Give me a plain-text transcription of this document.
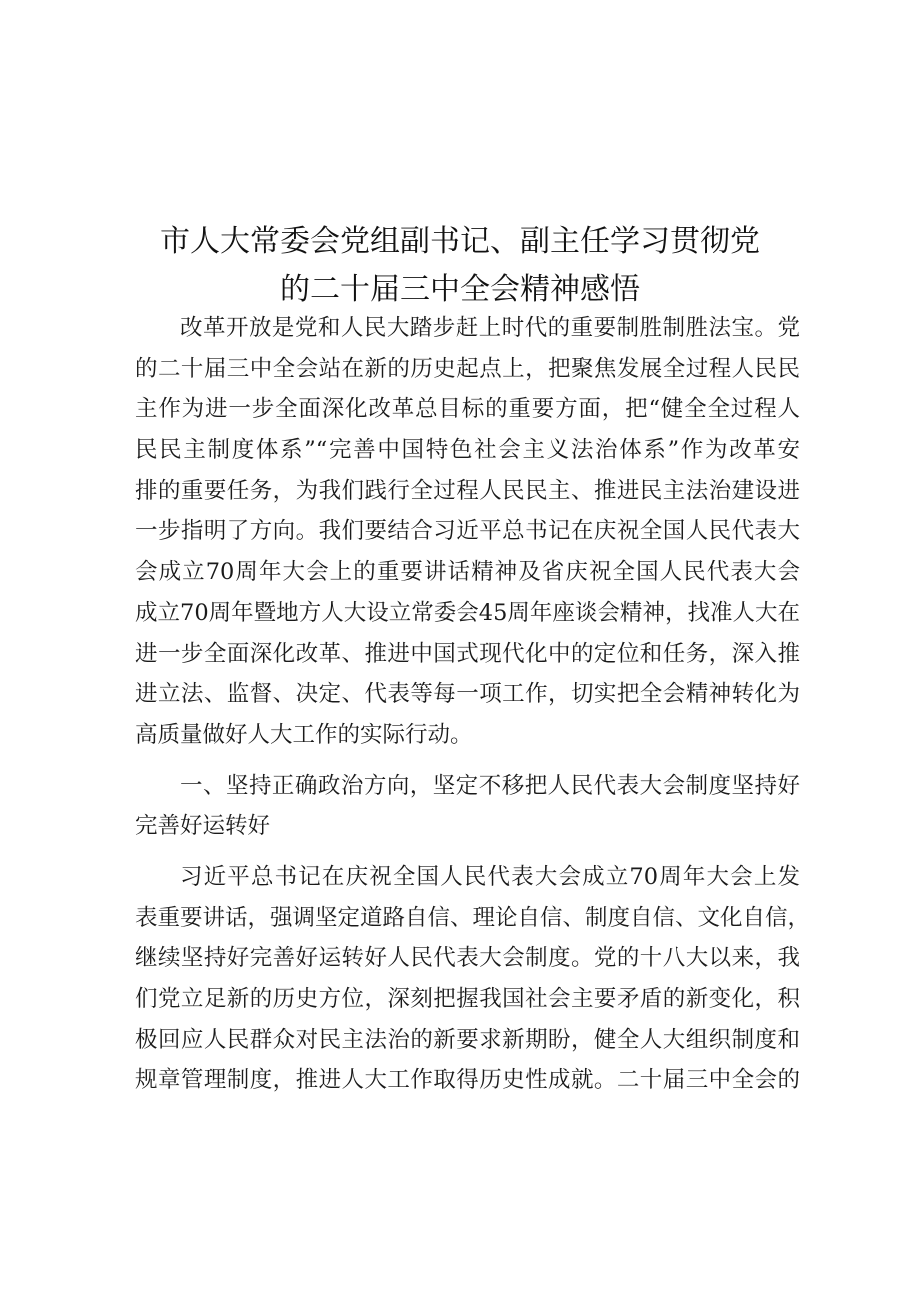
市人大常委会党组副书记、副主任学习贯彻党
的二十届三中全会精神感悟
改革开放是党和人民大踏步赶上时代的重要制胜制胜法宝。党
的二十届三中全会站在新的历史起点上，把聚焦发展全过程人民民
主作为进一步全面深化改革总目标的重要方面，把“健全全过程人
民民主制度体系”“完善中国特色社会主义法治体系”作为改革安
排的重要任务，为我们践行全过程人民民主、推进民主法治建设进
一步指明了方向。我们要结合习近平总书记在庆祝全国人民代表大
会成立70周年大会上的重要讲话精神及省庆祝全国人民代表大会
成立70周年暨地方人大设立常委会45周年座谈会精神，找准人大在
进一步全面深化改革、推进中国式现代化中的定位和任务，深入推
进立法、监督、决定、代表等每一项工作，切实把全会精神转化为
高质量做好人大工作的实际行动。
一、坚持正确政治方向，坚定不移把人民代表大会制度坚持好
完善好运转好
习近平总书记在庆祝全国人民代表大会成立70周年大会上发
表重要讲话，强调坚定道路自信、理论自信、制度自信、文化自信，
继续坚持好完善好运转好人民代表大会制度。党的十八大以来，我
们党立足新的历史方位，深刻把握我国社会主要矛盾的新变化，积
极回应人民群众对民主法治的新要求新期盼，健全人大组织制度和
规章管理制度，推进人大工作取得历史性成就。二十届三中全会的
